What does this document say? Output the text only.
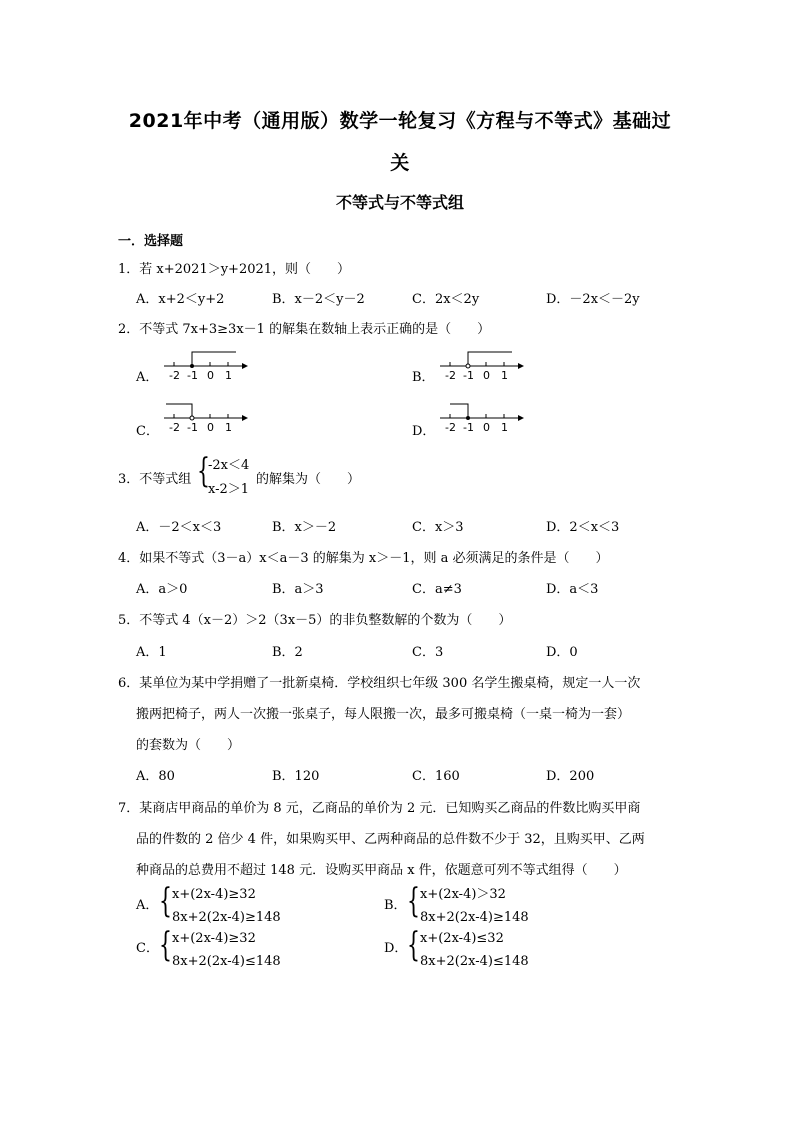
2021年中考（通用版）数学一轮复习《方程与不等式》基础过
关
不等式与不等式组
一．选择题
1．若 x+2021＞y+2021，则（　　）
A．x+2＜y+2	B．x－2＜y－2	C．2x＜2y	D．－2x＜－2y
2．不等式 7x+3≥3x－1 的解集在数轴上表示正确的是（　　）
A． -2 -1 0 1	B． -2 -1 0 1
C． -2 -1 0 1	D． -2 -1 0 1
3．不等式组 {
-2x＜4
x-2＞1
的解集为（　　）
A．－2＜x＜3	B．x＞－2	C．x＞3	D．2＜x＜3
4．如果不等式（3－a）x＜a－3 的解集为 x＞－1，则 a 必须满足的条件是（　　）
A．a＞0	B．a＞3	C．a≠3	D．a＜3
5．不等式 4（x－2）＞2（3x－5）的非负整数解的个数为（　　）
A．1	B．2	C．3	D．0
6．某单位为某中学捐赠了一批新桌椅．学校组织七年级 300 名学生搬桌椅，规定一人一次
搬两把椅子，两人一次搬一张桌子，每人限搬一次，最多可搬桌椅（一桌一椅为一套）
的套数为（　　）
A．80	B．120	C．160	D．200
7．某商店甲商品的单价为 8 元，乙商品的单价为 2 元．已知购买乙商品的件数比购买甲商
品的件数的 2 倍少 4 件，如果购买甲、乙两种商品的总件数不少于 32，且购买甲、乙两
种商品的总费用不超过 148 元．设购买甲商品 x 件，依题意可列不等式组得（　　）
A． { x+(2x-4)≥32
8x+2(2x-4)≥148
B． { x+(2x-4)＞32
8x+2(2x-4)≥148
C． { x+(2x-4)≥32
8x+2(2x-4)≤148
D． { x+(2x-4)≤32
8x+2(2x-4)≤148
